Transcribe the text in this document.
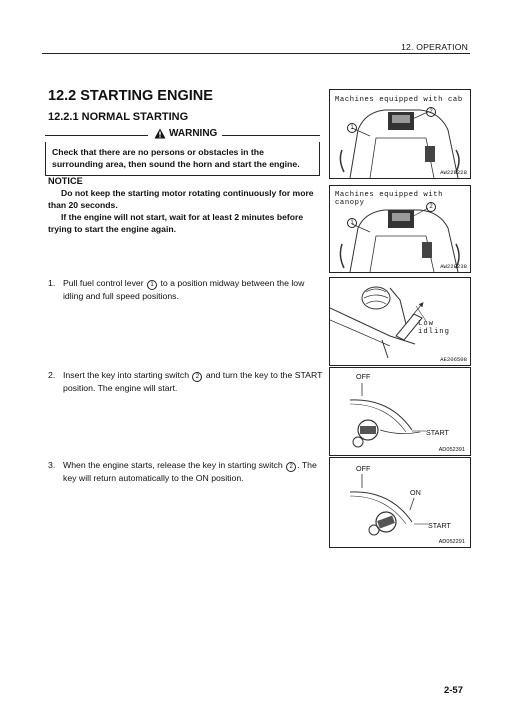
12. OPERATION
12.2 STARTING ENGINE
12.2.1 NORMAL STARTING
WARNING
Check that there are no persons or obstacles in the surrounding area, then sound the horn and start the engine.
NOTICE

Do not keep the starting motor rotating continuously for more than 20 seconds.

If the engine will not start, wait for at least 2 minutes before trying to start the engine again.

1. Pull fuel control lever 1 to a position midway between the low idling and full speed positions.
2. Insert the key into starting switch 2 and turn the key to the START position. The engine will start.
3. When the engine starts, release the key in starting switch 2 . The key will return automatically to the ON position.
Machines equipped with cab
1
2
AW228228
Machines equipped with canopy
1
2
AW228238
Low idling
AE206508
OFF
START
AD052391
OFF
ON
START
AD052291
2-57
